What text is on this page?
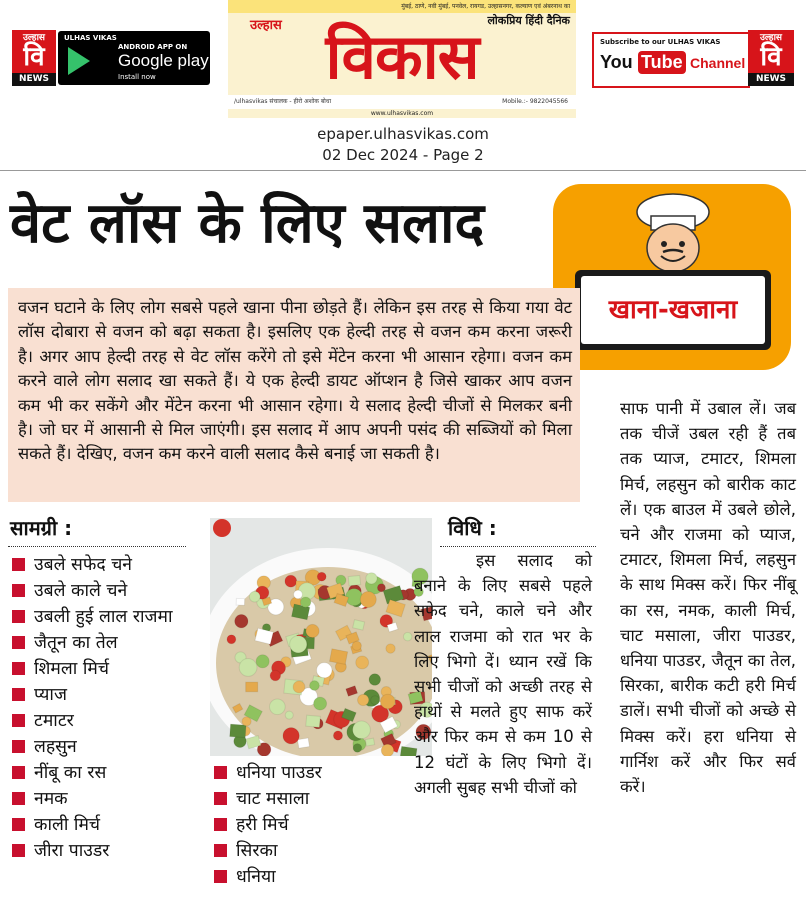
उल्हास
वि
NEWS
ULHAS VIKAS
ANDROID APP ON
Google play
Install now
मुंबई, ठाणे, नवी मुंबई, पनवेल, रायगड, उल्हासनगर, कल्याण एवं अंबरनाथ का
लोकप्रिय हिंदी दैनिक
उल्हास विकास
/ulhasvikas संचालक - हीरो अशोक बोधा	Mobile.:- 9822045566
www.ulhasvikas.com
Subscribe to our ULHAS VIKAS
You Tube Channel
उल्हास
वि
NEWS
epaper.ulhasvikas.com
02 Dec 2024 - Page 2
वेट लॉस के लिए सलाद
खाना-खजाना

वजन घटाने के लिए लोग सबसे पहले खाना पीना छोड़ते हैं। लेकिन इस तरह से किया गया वेट लॉस दोबारा से वजन को बढ़ा सकता है। इसलिए एक हेल्दी तरह से वजन कम करना जरूरी है। अगर आप हेल्दी तरह से वेट लॉस करेंगे तो इसे मेंटेन करना भी आसान रहेगा। वजन कम करने वाले लोग सलाद खा सकते हैं। ये एक हेल्दी डायट ऑप्शन है जिसे खाकर आप वजन कम भी कर सकेंगे और मेंटेन करना भी आसान रहेगा। ये सलाद हेल्दी चीजों से मिलकर बनी है। जो घर में आसानी से मिल जाएंगी। इस सलाद में आप अपनी पसंद की सब्जियों को मिला सकते हैं। देखिए, वजन कम करने वाली सलाद कैसे बनाई जा सकती है।

सामग्री :
उबले सफेद चने
उबले काले चने
उबली हुई लाल राजमा
जैतून का तेल
शिमला मिर्च
प्याज
टमाटर
लहसुन
नींबू का रस
नमक
काली मिर्च
जीरा पाउडर
धनिया पाउडर
चाट मसाला
हरी मिर्च
सिरका
धनिया
विधि :

इस सलाद को बनाने के लिए सबसे पहले सफेद चने, काले चने और लाल राजमा को रात भर के लिए भिगो दें। ध्यान रखें कि सभी चीजों को अच्छी तरह से हाथों से मलते हुए साफ करें और फिर कम से कम 10 से 12 घंटों के लिए भिगो दें। अगली सुबह सभी चीजों को

साफ पानी में उबाल लें। जब तक चीजें उबल रही हैं तब तक प्याज, टमाटर, शिमला मिर्च, लहसुन को बारीक काट लें। एक बाउल में उबले छोले, चने और राजमा को प्याज, टमाटर, शिमला मिर्च, लहसुन के साथ मिक्स करें। फिर नींबू का रस, नमक, काली मिर्च, चाट मसाला, जीरा पाउडर, धनिया पाउडर, जैतून का तेल, सिरका, बारीक कटी हरी मिर्च डालें। सभी चीजों को अच्छे से मिक्स करें। हरा धनिया से गार्निश करें और फिर सर्व करें।
